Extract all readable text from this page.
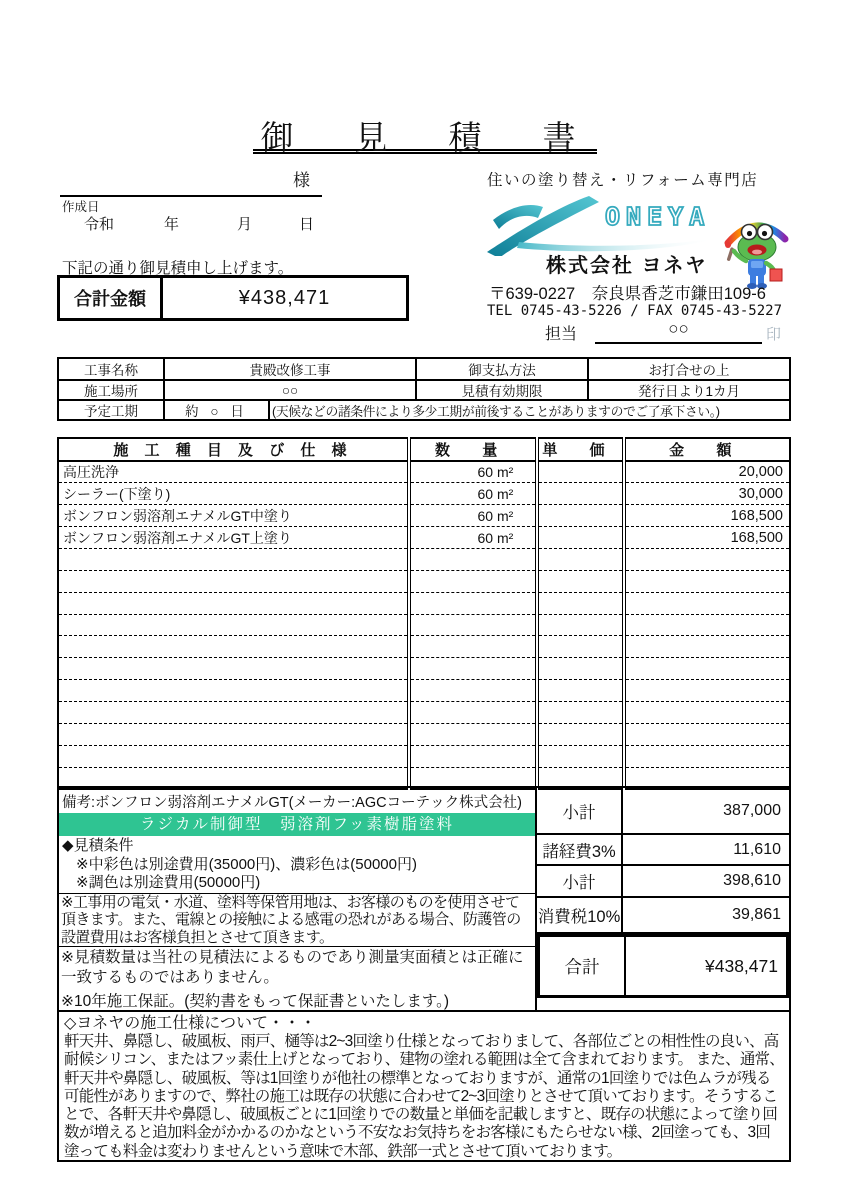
御　見　積　書
様
作成日
令和	年	月	日
下記の通り御見積申し上げます。
合計金額	¥438,471
住いの塗り替え・リフォーム専門店
ONEYA
株式会社 ヨネヤ
〒639-0227　奈良県香芝市鎌田109-6
TEL 0745-43-5226 / FAX 0745-43-5227
担当	○○	印
工事名称	貴殿改修工事	御支払方法	お打合せの上
施工場所	○○	見積有効期限	発行日より1カ月
予定工期	約 ○ 日	(天候などの諸条件により多少工期が前後することがありますのでご了承下さい。)
施 工 種 目 及 び 仕 様	数 量	単 価	金 額
高圧洗浄	60 m²		20,000
シーラー(下塗り)	60 m²		30,000
ボンフロン弱溶剤エナメルGT中塗り	60 m²		168,500
ボンフロン弱溶剤エナメルGT上塗り	60 m²		168,500

備考:ボンフロン弱溶剤エナメルGT(メーカー:AGCコーテック株式会社)
ラジカル制御型　弱溶剤フッ素樹脂塗料
◆見積条件
※中彩色は別途費用(35000円)、濃彩色は(50000円)
※調色は別途費用(50000円)
※工事用の電気・水道、塗料等保管用地は、お客様のものを使用させて頂きます。また、電線との接触による感電の恐れがある場合、防護管の設置費用はお客様負担とさせて頂きます。
※見積数量は当社の見積法によるものであり測量実面積とは正確に一致するものではありません。
※10年施工保証。(契約書をもって保証書といたします。)
小計	387,000
諸経費3%	11,610
小計	398,610
消費税10%	39,861
合計	¥438,471
◇ヨネヤの施工仕様について・・・
軒天井、鼻隠し、破風板、雨戸、樋等は2~3回塗り仕様となっておりまして、各部位ごとの相性性の良い、高耐候シリコン、またはフッ素仕上げとなっており、建物の塗れる範囲は全て含まれております。 また、通常、軒天井や鼻隠し、破風板、等は1回塗りが他社の標準となっておりますが、通常の1回塗りでは色ムラが残る可能性がありますので、弊社の施工は既存の状態に合わせて2~3回塗りとさせて頂いております。そうすることで、各軒天井や鼻隠し、破風板ごとに1回塗りでの数量と単価を記載しますと、既存の状態によって塗り回数が増えると追加料金がかかるのかなという不安なお気持ちをお客様にもたらせない様、2回塗っても、3回塗っても料金は変わりませんという意味で木部、鉄部一式とさせて頂いております。
